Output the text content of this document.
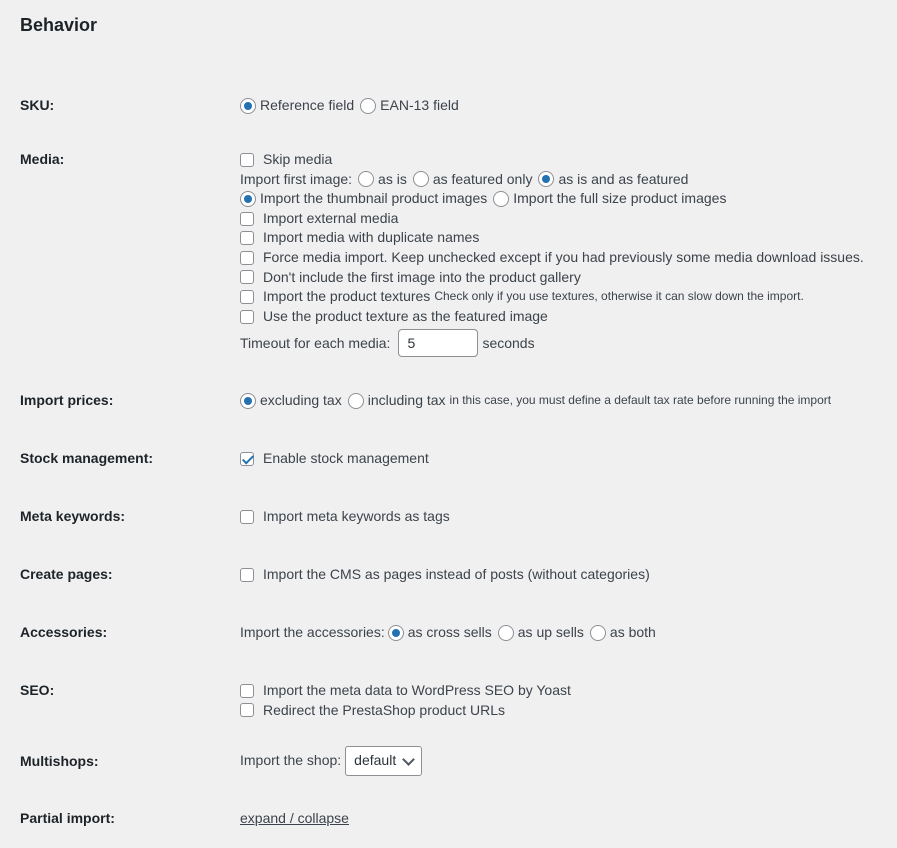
Behavior
SKU:	Reference field EAN-13 field
Media:	Skip media
Import first image: as is as featured only as is and as featured
Import the thumbnail product images Import the full size product images
Import external media
Import media with duplicate names
Force media import. Keep unchecked except if you had previously some media download issues.
Don't include the first image into the product gallery
Import the product textures Check only if you use textures, otherwise it can slow down the import.
Use the product texture as the featured image
Timeout for each media:	5	seconds
Import prices:	excluding tax including tax in this case, you must define a default tax rate before running the import
Stock management:	Enable stock management
Meta keywords:	Import meta keywords as tags
Create pages:	Import the CMS as pages instead of posts (without categories)
Accessories:	Import the accessories: as cross sells as up sells as both
SEO:	Import the meta data to WordPress SEO by Yoast
Redirect the PrestaShop product URLs
Multishops:	Import the shop: default
Partial import:	expand / collapse
